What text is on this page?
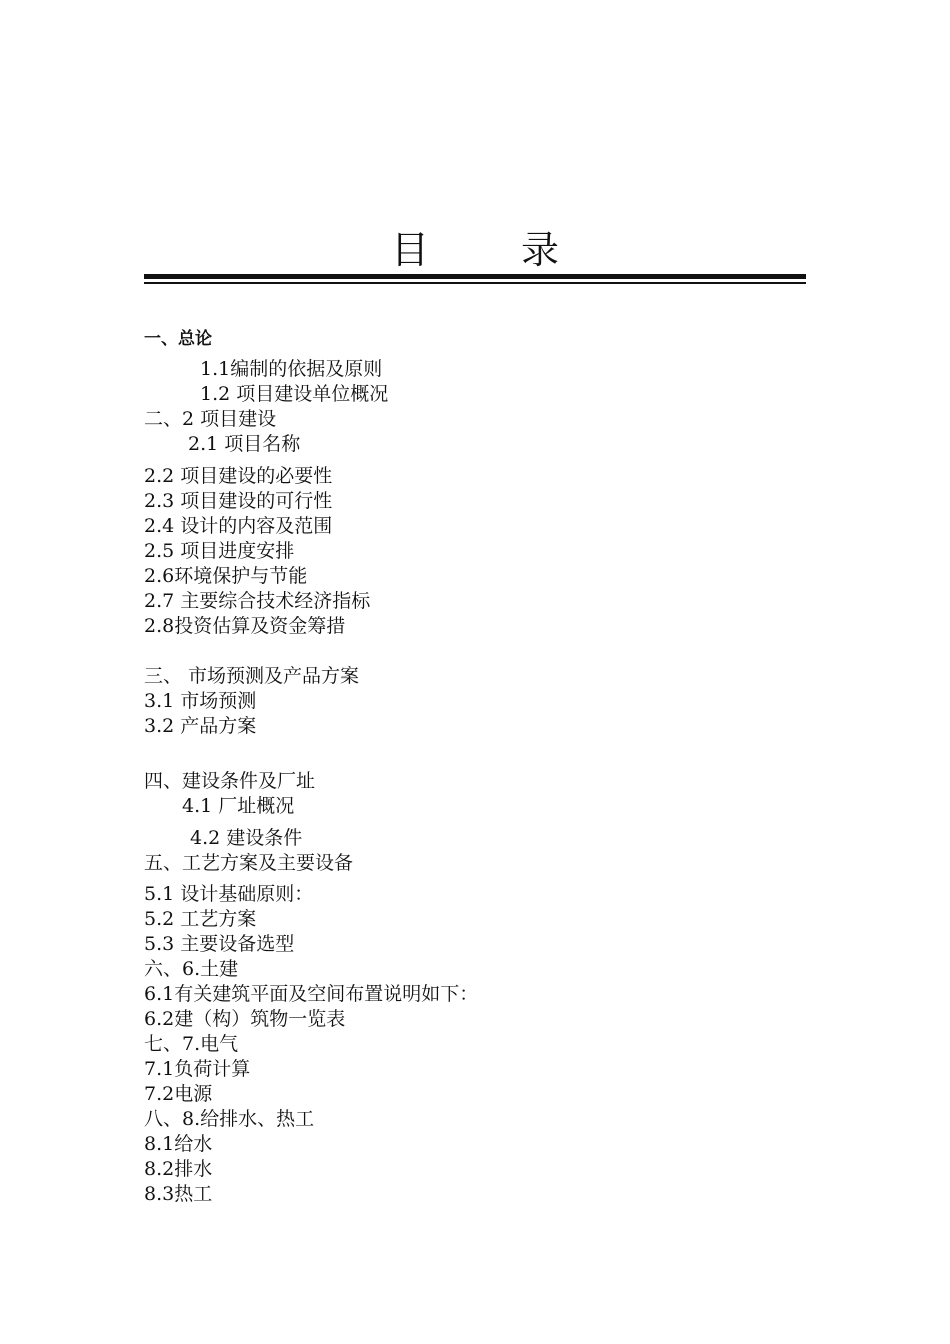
目 录
一、总论
1.1编制的依据及原则
1.2 项目建设单位概况
二、2 项目建设
2.1 项目名称
2.2 项目建设的必要性
2.3 项目建设的可行性
2.4 设计的内容及范围
2.5 项目进度安排
2.6环境保护与节能
2.7 主要综合技术经济指标
2.8投资估算及资金筹措
三、 市场预测及产品方案
3.1 市场预测
3.2 产品方案
四、建设条件及厂址
4.1 厂址概况
4.2 建设条件
五、工艺方案及主要设备
5.1 设计基础原则：
5.2 工艺方案
5.3 主要设备选型
六、6.土建
6.1有关建筑平面及空间布置说明如下：
6.2建（构）筑物一览表
七、7.电气
7.1负荷计算
7.2电源
八、8.给排水、热工
8.1给水
8.2排水
8.3热工
